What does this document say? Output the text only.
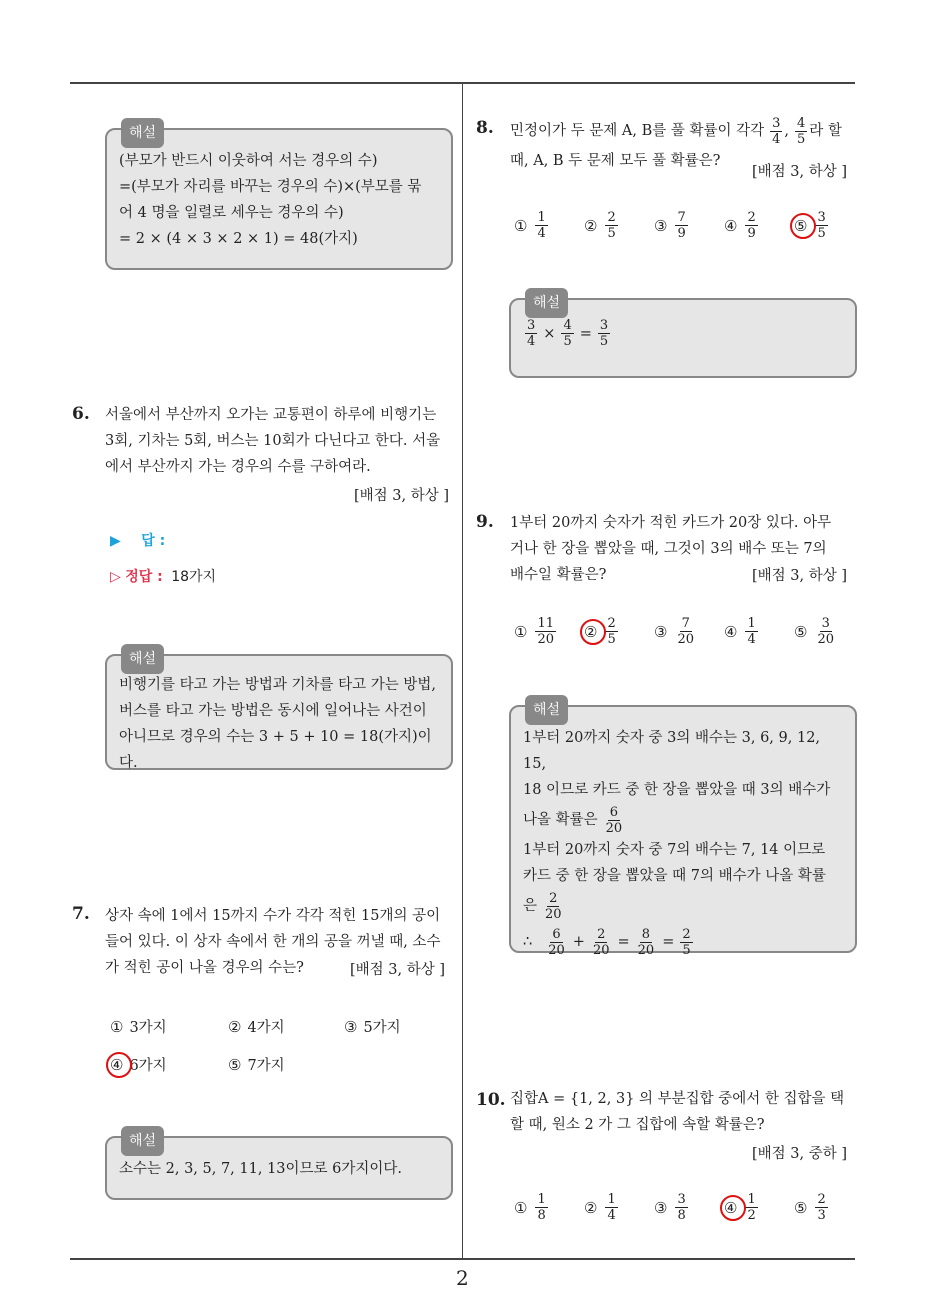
2
해설
(부모가 반드시 이웃하여 서는 경우의 수)
=(부모가 자리를 바꾸는 경우의 수)×(부모를 묶
어 4 명을 일렬로 세우는 경우의 수)
= 2 × (4 × 3 × 2 × 1) = 48(가지)
6. 서울에서 부산까지 오가는 교통편이 하루에 비행기는
3회, 기차는 5회, 버스는 10회가 다닌다고 한다. 서울
에서 부산까지 가는 경우의 수를 구하여라.
[배점 3, 하상 ]
▶ 답 :
▷ 정답 : 18가지
해설
비행기를 타고 가는 방법과 기차를 타고 가는 방법,
버스를 타고 가는 방법은 동시에 일어나는 사건이
아니므로 경우의 수는 3 + 5 + 10 = 18(가지)이다.
7. 상자 속에 1에서 15까지 수가 각각 적힌 15개의 공이
들어 있다. 이 상자 속에서 한 개의 공을 꺼낼 때, 소수
가 적힌 공이 나올 경우의 수는?	[배점 3, 하상 ]
① 3가지	② 4가지	③ 5가지
④ 6가지	⑤ 7가지
해설
소수는 2, 3, 5, 7, 11, 13이므로 6가지이다.
8. 민정이가 두 문제 A, B를 풀 확률이 각각 $\frac{3}{4}$ , $\frac{4}{5}$ 라 할
때, A, B 두 문제 모두 풀 확률은?
[배점 3, 하상 ]
① $\frac{1}{4}$ ② $\frac{2}{5}$ ③ $\frac{7}{9}$ ④ $\frac{2}{9}$ ⑤ $\frac{3}{5}$
해설
$\frac{3}{4} \times \frac{4}{5} = \frac{3}{5}$
9. 1부터 20까지 숫자가 적힌 카드가 20장 있다. 아무
거나 한 장을 뽑았을 때, 그것이 3의 배수 또는 7의
배수일 확률은?	[배점 3, 하상 ]
① $\frac{11}{20}$ ② $\frac{2}{5}$ ③ $\frac{7}{20}$ ④ $\frac{1}{4}$ ⑤ $\frac{3}{20}$
해설
1부터 20까지 숫자 중 3의 배수는 3, 6, 9, 12, 15,
18 이므로 카드 중 한 장을 뽑았을 때 3의 배수가
나올 확률은 $\frac{6}{20}$
1부터 20까지 숫자 중 7의 배수는 7, 14 이므로
카드 중 한 장을 뽑았을 때 7의 배수가 나올 확률
은 $\frac{2}{20}$
∴ $\frac{6}{20} + \frac{2}{20} = \frac{8}{20} = \frac{2}{5}$
10. 집합A = {1, 2, 3} 의 부분집합 중에서 한 집합을 택
할 때, 원소 2 가 그 집합에 속할 확률은?
[배점 3, 중하 ]
① $\frac{1}{8}$ ② $\frac{1}{4}$ ③ $\frac{3}{8}$ ④ $\frac{1}{2}$ ⑤ $\frac{2}{3}$
